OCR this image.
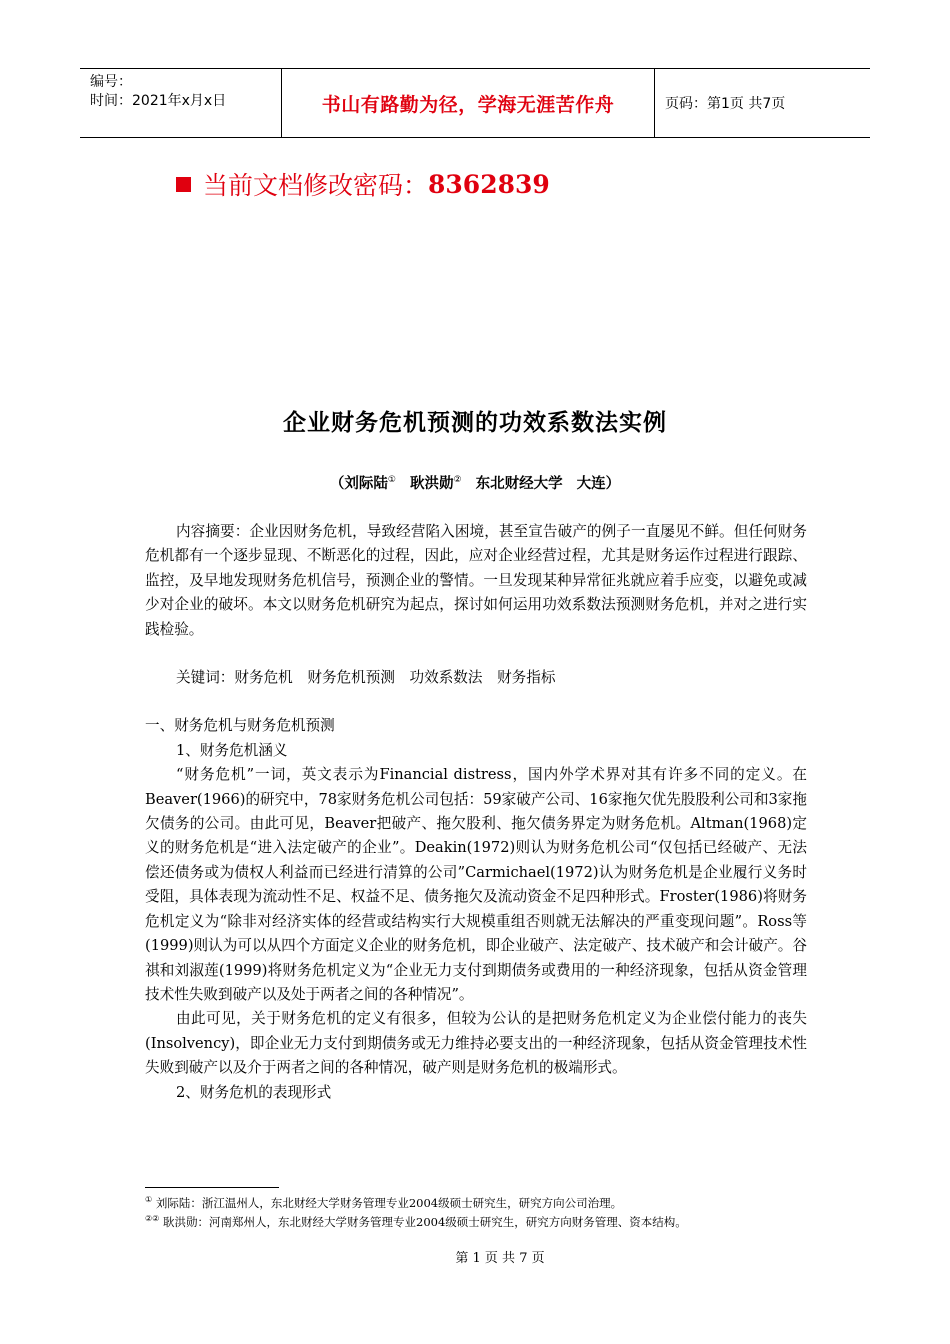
编号：
时间：2021年x月x日	书山有路勤为径，学海无涯苦作舟	页码：第1页 共7页
当前文档修改密码： 8362839
企业财务危机预测的功效系数法实例
（刘际陆① 耿洪勋② 东北财经大学 大连）

内容摘要：企业因财务危机，导致经营陷入困境，甚至宣告破产的例子一直屡见不鲜。但任何财务危机都有一个逐步显现、不断恶化的过程，因此，应对企业经营过程，尤其是财务运作过程进行跟踪、监控，及早地发现财务危机信号，预测企业的警情。一旦发现某种异常征兆就应着手应变，以避免或减少对企业的破坏。本文以财务危机研究为起点，探讨如何运用功效系数法预测财务危机，并对之进行实践检验。

关键词：财务危机　财务危机预测　功效系数法　财务指标

一、财务危机与财务危机预测

1、财务危机涵义

“财务危机”一词，英文表示为Financial distress，国内外学术界对其有许多不同的定义。在Beaver(1966)的研究中，78家财务危机公司包括：59家破产公司、16家拖欠优先股股利公司和3家拖欠债务的公司。由此可见，Beaver把破产、拖欠股利、拖欠债务界定为财务危机。Altman(1968)定义的财务危机是“进入法定破产的企业”。Deakin(1972)则认为财务危机公司“仅包括已经破产、无法偿还债务或为债权人利益而已经进行清算的公司”Carmichael(1972)认为财务危机是企业履行义务时受阻，具体表现为流动性不足、权益不足、债务拖欠及流动资金不足四种形式。Froster(1986)将财务危机定义为“除非对经济实体的经营或结构实行大规模重组否则就无法解决的严重变现问题”。Ross等(1999)则认为可以从四个方面定义企业的财务危机，即企业破产、法定破产、技术破产和会计破产。谷祺和刘淑莲(1999)将财务危机定义为“企业无力支付到期债务或费用的一种经济现象，包括从资金管理技术性失败到破产以及处于两者之间的各种情况”。

由此可见，关于财务危机的定义有很多，但较为公认的是把财务危机定义为企业偿付能力的丧失(Insolvency)，即企业无力支付到期债务或无力维持必要支出的一种经济现象，包括从资金管理技术性失败到破产以及介于两者之间的各种情况，破产则是财务危机的极端形式。

2、财务危机的表现形式

① 刘际陆：浙江温州人，东北财经大学财务管理专业2004级硕士研究生，研究方向公司治理。
②② 耿洪勋：河南郑州人，东北财经大学财务管理专业2004级硕士研究生，研究方向财务管理、资本结构。
第 1 页 共 7 页
